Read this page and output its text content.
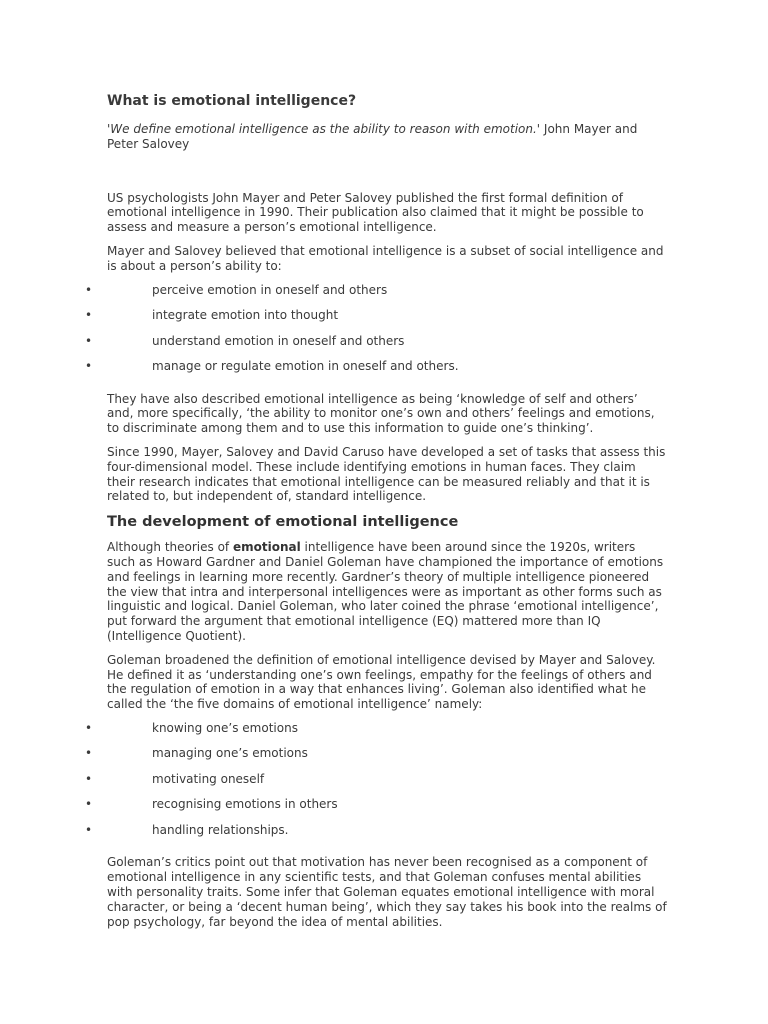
What is emotional intelligence?

'We define emotional intelligence as the ability to reason with emotion.' John Mayer and Peter Salovey

US psychologists John Mayer and Peter Salovey published the first formal definition of emotional intelligence in 1990. Their publication also claimed that it might be possible to assess and measure a person’s emotional intelligence.

Mayer and Salovey believed that emotional intelligence is a subset of social intelligence and is about a person’s ability to:

•	perceive emotion in oneself and others
•	integrate emotion into thought
•	understand emotion in oneself and others
•	manage or regulate emotion in oneself and others.

They have also described emotional intelligence as being ‘knowledge of self and others’ and, more specifically, ‘the ability to monitor one’s own and others’ feelings and emotions, to discriminate among them and to use this information to guide one’s thinking’.

Since 1990, Mayer, Salovey and David Caruso have developed a set of tasks that assess this four-dimensional model. These include identifying emotions in human faces. They claim their research indicates that emotional intelligence can be measured reliably and that it is related to, but independent of, standard intelligence.

The development of emotional intelligence

Although theories of emotional intelligence have been around since the 1920s, writers such as Howard Gardner and Daniel Goleman have championed the importance of emotions and feelings in learning more recently. Gardner’s theory of multiple intelligence pioneered the view that intra and interpersonal intelligences were as important as other forms such as linguistic and logical. Daniel Goleman, who later coined the phrase ‘emotional intelligence’, put forward the argument that emotional intelligence (EQ) mattered more than IQ (Intelligence Quotient).

Goleman broadened the definition of emotional intelligence devised by Mayer and Salovey. He defined it as ‘understanding one’s own feelings, empathy for the feelings of others and the regulation of emotion in a way that enhances living’. Goleman also identified what he called the ‘the five domains of emotional intelligence’ namely:

•	knowing one’s emotions
•	managing one’s emotions
•	motivating oneself
•	recognising emotions in others
•	handling relationships.

Goleman’s critics point out that motivation has never been recognised as a component of emotional intelligence in any scientific tests, and that Goleman confuses mental abilities with personality traits. Some infer that Goleman equates emotional intelligence with moral character, or being a ‘decent human being’, which they say takes his book into the realms of pop psychology, far beyond the idea of mental abilities.
